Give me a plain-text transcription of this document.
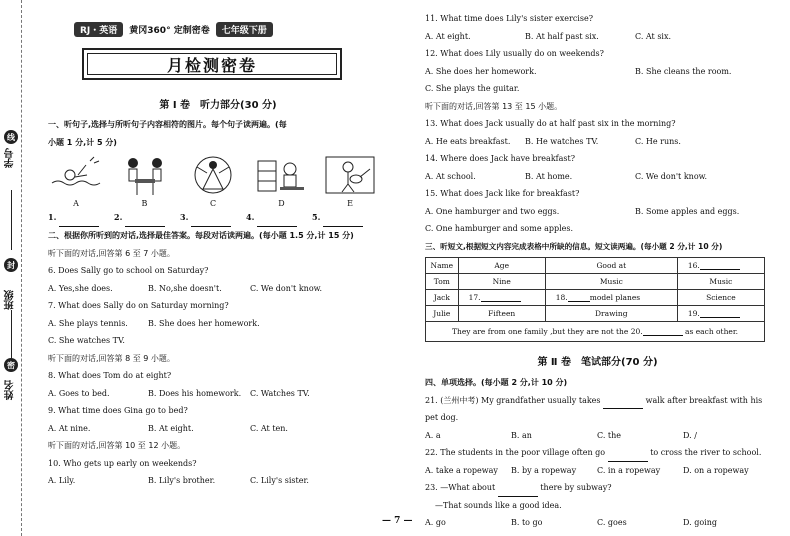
学号
线
班级
封
姓名
密
RJ・英语	黄冈360° 定制密卷	七年级下册
月检测密卷
第 Ⅰ 卷　听力部分(30 分)
一、听句子,选择与所听句子内容相符的图片。每个句子读两遍。(每
小题 1 分,计 5 分)
A	B	C	D	E
1.	2.	3.	4.	5.
二、根据你所听到的对话,选择最佳答案。每段对话读两遍。(每小题 1.5 分,计 15 分)
听下面的对话,回答第 6 至 7 小题。
6. Does Sally go to school on Saturday?
A. Yes,she does.	B. No,she doesn't.	C. We don't know.
7. What does Sally do on Saturday morning?
A. She plays tennis.	B. She does her homework.
C. She watches TV.
听下面的对话,回答第 8 至 9 小题。
8. What does Tom do at eight?
A. Goes to bed.	B. Does his homework.	C. Watches TV.
9. What time does Gina go to bed?
A. At nine.	B. At eight.	C. At ten.
听下面的对话,回答第 10 至 12 小题。
10. Who gets up early on weekends?
A. Lily.	B. Lily's brother.	C. Lily's sister.
11. What time does Lily's sister exercise?
A. At eight.	B. At half past six.	C. At six.
12. What does Lily usually do on weekends?
A. She does her homework.	B. She cleans the room.
C. She plays the guitar.
听下面的对话,回答第 13 至 15 小题。
13. What does Jack usually do at half past six in the morning?
A. He eats breakfast.	B. He watches TV.	C. He runs.
14. Where does Jack have breakfast?
A. At school.	B. At home.	C. We don't know.
15. What does Jack like for breakfast?
A. One hamburger and two eggs.	B. Some apples and eggs.
C. One hamburger and some apples.
三、听短文,根据短文内容完成表格中所缺的信息。短文读两遍。(每小题 2 分,计 10 分)
Name	Age	Good at	16.
Tom	Nine	Music	Music
Jack	17.	18. model planes	Science
Julie	Fifteen	Drawing	19.
They are from one family ,but they are not the 20. as each other.			
第 Ⅱ 卷　笔试部分(70 分)
四、单项选择。(每小题 2 分,计 10 分)
21. (兰州中考) My grandfather usually takes	walk after breakfast with his
pet dog.
A. a	B. an	C. the	D. /
22. The students in the poor village often go	to cross the river to school.
A. take a ropeway	B. by a ropeway	C. in a ropeway	D. on a ropeway
23. —What about	there by subway?
—That sounds like a good idea.
A. go	B. to go	C. goes	D. going
— 7 —
